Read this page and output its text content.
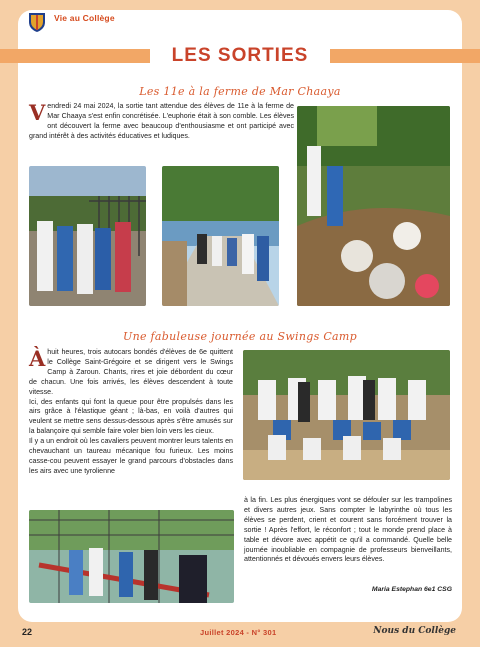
Vie au Collège
LES SORTIES
Les 11e à la ferme de Mar Chaaya
V endredi 24 mai 2024, la sortie tant attendue des élèves de 11e à la ferme de Mar Chaaya s'est enfin concrétisée. L'euphorie était à son comble. Les élèves ont découvert la ferme avec beaucoup d'enthousiasme et ont participé avec grand intérêt à des activités éducatives et ludiques.

Une fabuleuse journée au Swings Camp
À huit heures, trois autocars bondés d'élèves de 6e quittent le Collège Saint-Grégoire et se dirigent vers le Swings Camp à Zaroun. Chants, rires et joie débordent du cœur de chacun. Une fois arrivés, les élèves descendent à toute vitesse.

Ici, des enfants qui font la queue pour être propulsés dans les airs grâce à l'élastique géant ; là-bas, en voilà d'autres qui veulent se mettre sens dessus-dessous après s'être amusés sur la balançoire qui semble faire voler bien loin vers les cieux.

Il y a un endroit où les cavaliers peuvent montrer leurs talents en chevauchant un taureau mécanique fou furieux. Les moins casse-cou peuvent essayer le grand parcours d'obstacles dans les airs avec une tyrolienne

à la fin. Les plus énergiques vont se défouler sur les trampolines et divers autres jeux. Sans compter le labyrinthe où tous les élèves se perdent, crient et courent sans forcément trouver la sortie ! Après l'effort, le réconfort ; tout le monde prend place à table et dévore avec appétit ce qu'il a commandé. Quelle belle journée inoubliable en compagnie de professeurs bienveillants, attentionnés et dévoués envers leurs élèves.
Maria Estephan 6e1 CSG
22	Juillet 2024 - N° 301	Nous du Collège
